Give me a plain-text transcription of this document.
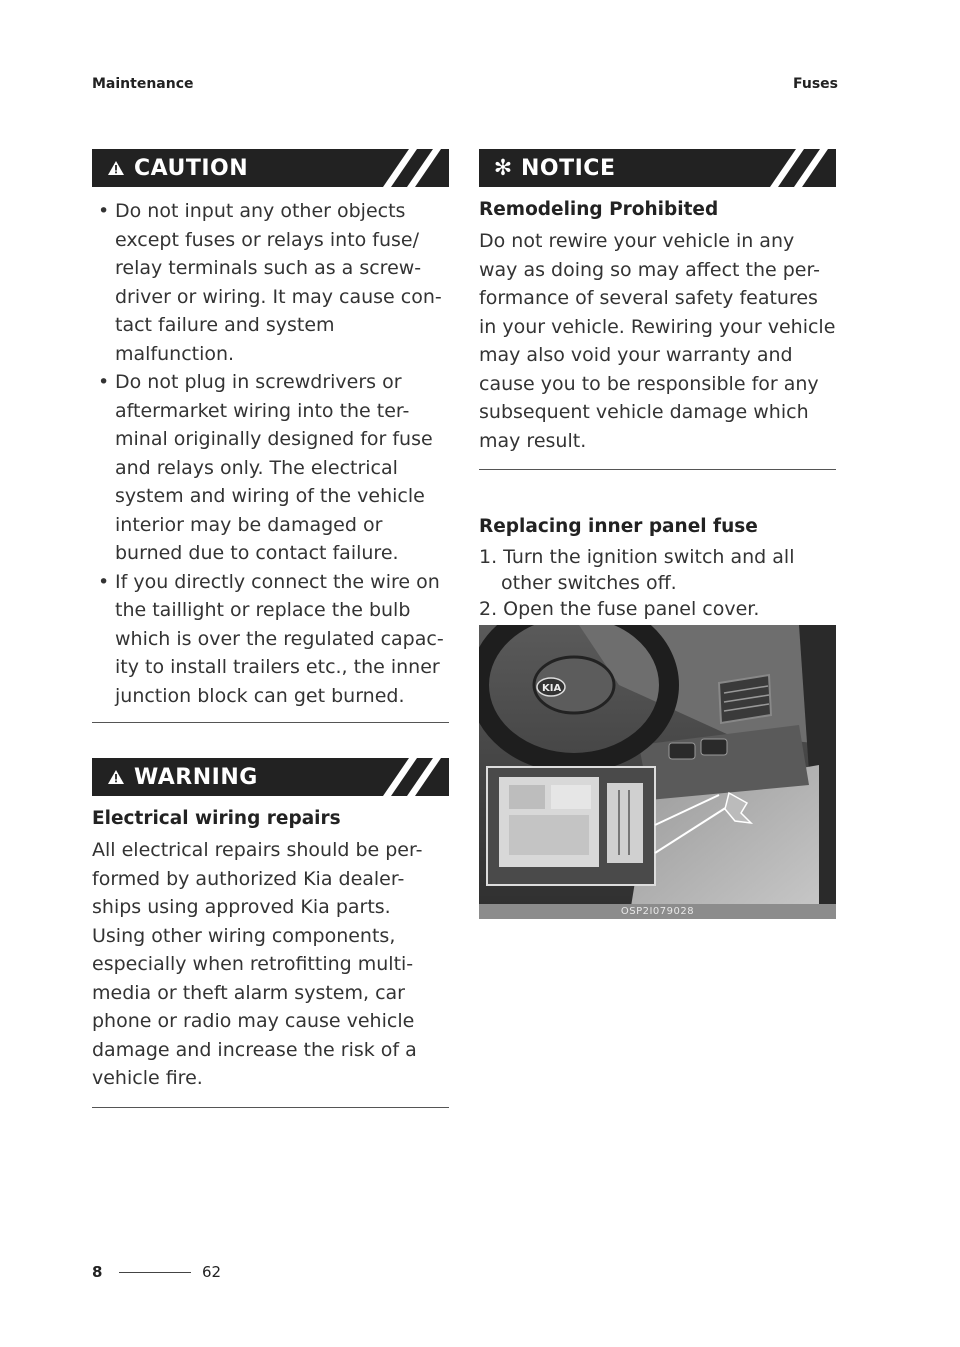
Maintenance	Fuses
CAUTION
• Do not input any other objects except fuses or relays into fuse/ relay terminals such as a screw-driver or wiring. It may cause con-tact failure and system malfunction.
• Do not plug in screwdrivers or aftermarket wiring into the ter-minal originally designed for fuse and relays only. The electrical system and wiring of the vehicle interior may be damaged or burned due to contact failure.
• If you directly connect the wire on the taillight or replace the bulb which is over the regulated capac-ity to install trailers etc., the inner junction block can get burned.
WARNING
Electrical wiring repairs
All electrical repairs should be per-formed by authorized Kia dealer-ships using approved Kia parts. Using other wiring components, especially when retrofitting multi-media or theft alarm system, car phone or radio may cause vehicle damage and increase the risk of a vehicle fire.
✻ NOTICE
Remodeling Prohibited
Do not rewire your vehicle in any way as doing so may affect the per-formance of several safety features in your vehicle. Rewiring your vehicle may also void your warranty and cause you to be responsible for any subsequent vehicle damage which may result.
Replacing inner panel fuse
1. Turn the ignition switch and all other switches off.
2. Open the fuse panel cover.
KIA
OSP2I079028
8	62
